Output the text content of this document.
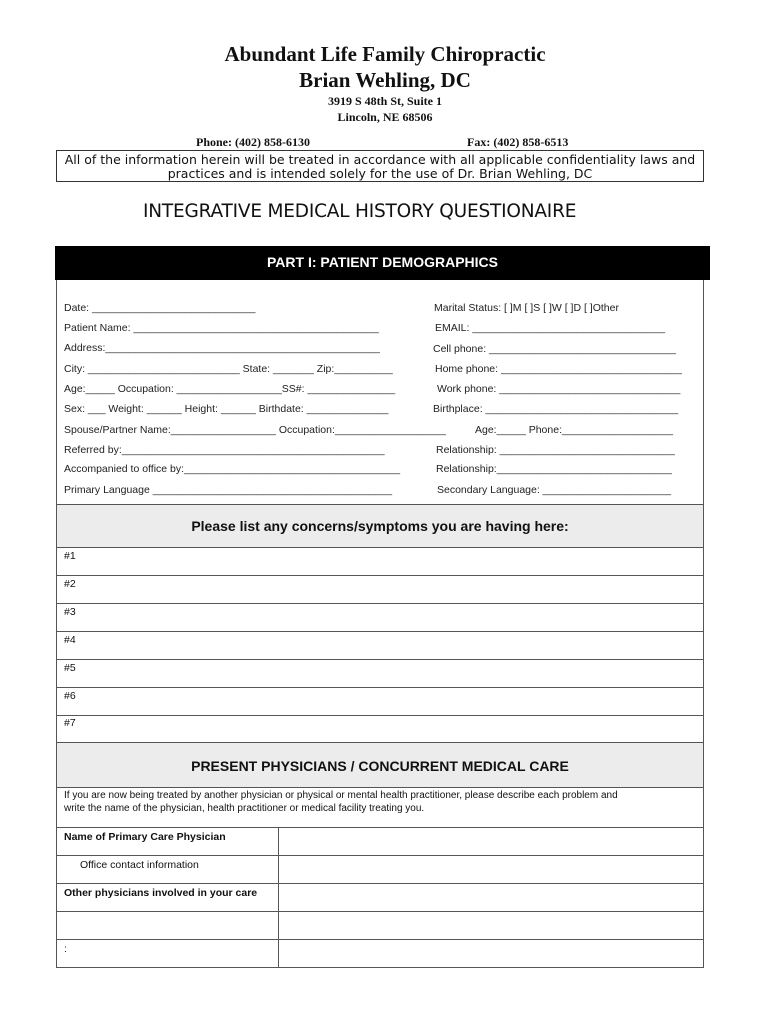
Abundant Life Family Chiropractic
Brian Wehling, DC
3919 S 48th St, Suite 1
Lincoln, NE 68506
Phone: (402) 858-6130	Fax: (402) 858-6513
All of the information herein will be treated in accordance with all applicable confidentiality laws and
practices and is intended solely for the use of Dr. Brian Wehling, DC
INTEGRATIVE MEDICAL HISTORY QUESTIONAIRE
PART I: PATIENT DEMOGRAPHICS
Date: ____________________________
Patient Name: __________________________________________
Address:_______________________________________________
City: __________________________ State: _______ Zip:__________
Age:_____ Occupation: __________________SS#: _______________
Sex: ___ Weight: ______ Height: ______ Birthdate: ______________
Spouse/Partner Name:__________________ Occupation:___________________
Referred by:_____________________________________________
Accompanied to office by:_____________________________________
Primary Language _________________________________________
Marital Status: [ ]M [ ]S [ ]W [ ]D [ ]Other
EMAIL: _________________________________
Cell phone: ________________________________
Home phone: _______________________________
Work phone: _______________________________
Birthplace: _________________________________
Age:_____ Phone:___________________
Relationship: ______________________________
Relationship:______________________________
Secondary Language: ______________________
Please list any concerns/symptoms you are having here:
#1
#2
#3
#4
#5
#6
#7
PRESENT PHYSICIANS / CONCURRENT MEDICAL CARE
If you are now being treated by another physician or physical or mental health practitioner, please describe each problem and
write the name of the physician, health practitioner or medical facility treating you.
Name of Primary Care Physician
Office contact information
Other physicians involved in your care
:
